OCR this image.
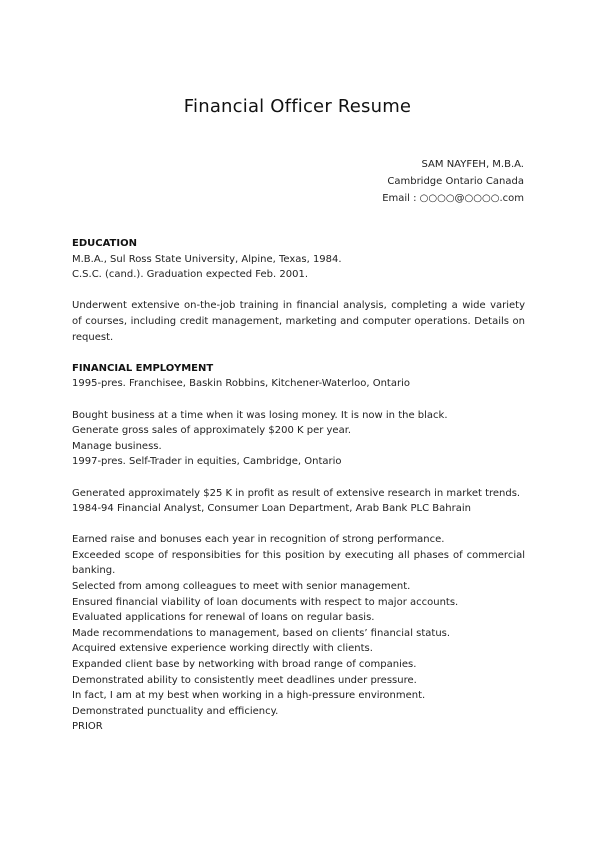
Financial Officer Resume
SAM NAYFEH, M.B.A.
Cambridge Ontario Canada
Email : ○○○○@○○○○.com
EDUCATION
M.B.A., Sul Ross State University, Alpine, Texas, 1984.
C.S.C. (cand.). Graduation expected Feb. 2001.
Underwent extensive on-the-job training in financial analysis, completing a wide variety of courses, including credit management, marketing and computer operations. Details on request.
FINANCIAL EMPLOYMENT
1995-pres. Franchisee, Baskin Robbins, Kitchener-Waterloo, Ontario
Bought business at a time when it was losing money. It is now in the black.
Generate gross sales of approximately $200 K per year.
Manage business.
1997-pres. Self-Trader in equities, Cambridge, Ontario
Generated approximately $25 K in profit as result of extensive research in market trends.
1984-94 Financial Analyst, Consumer Loan Department, Arab Bank PLC Bahrain
Earned raise and bonuses each year in recognition of strong performance.
Exceeded scope of responsibities for this position by executing all phases of commercial banking.
Selected from among colleagues to meet with senior management.
Ensured financial viability of loan documents with respect to major accounts.
Evaluated applications for renewal of loans on regular basis.
Made recommendations to management, based on clients’ financial status.
Acquired extensive experience working directly with clients.
Expanded client base by networking with broad range of companies.
Demonstrated ability to consistently meet deadlines under pressure.
In fact, I am at my best when working in a high-pressure environment.
Demonstrated punctuality and efficiency.
PRIOR
